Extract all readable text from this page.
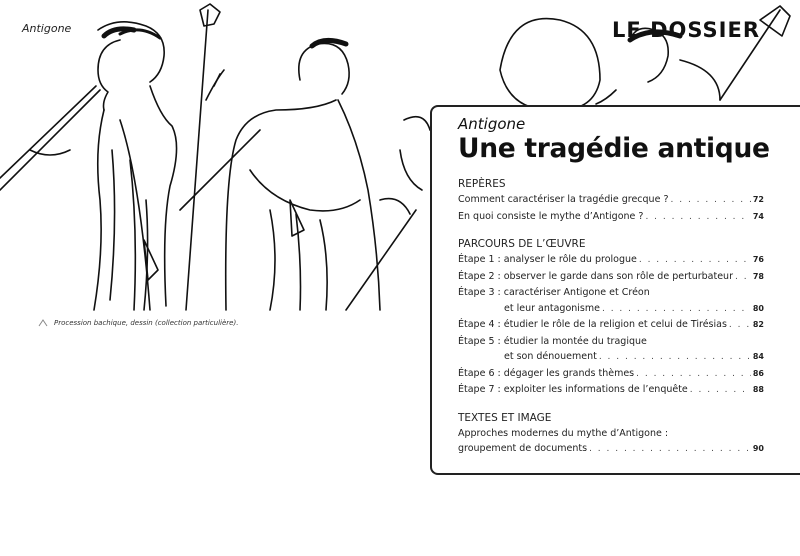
Antigone	LE DOSSIER
Procession bachique, dessin (collection particulière).
Antigone
Une tragédie antique
REPÈRES
Comment caractériser la tragédie grecque ? . . .	72
En quoi consiste le mythe d’Antigone ? . . .	74
PARCOURS DE L’ŒUVRE
Étape 1 : analyser le rôle du prologue . . .	76
Étape 2 : observer le garde dans son rôle de perturbateur . . . 78
Étape 3 : caractériser Antigone et Créon
et leur antagonisme . . .	80
Étape 4 : étudier le rôle de la religion et celui de Tirésias . . .	82
Étape 5 : étudier la montée du tragique
et son dénouement . . .	84
Étape 6 : dégager les grands thèmes . . .	86
Étape 7 : exploiter les informations de l’enquête . . .	88
TEXTES ET IMAGE
Approches modernes du mythe d’Antigone :
groupement de documents . . .	90
